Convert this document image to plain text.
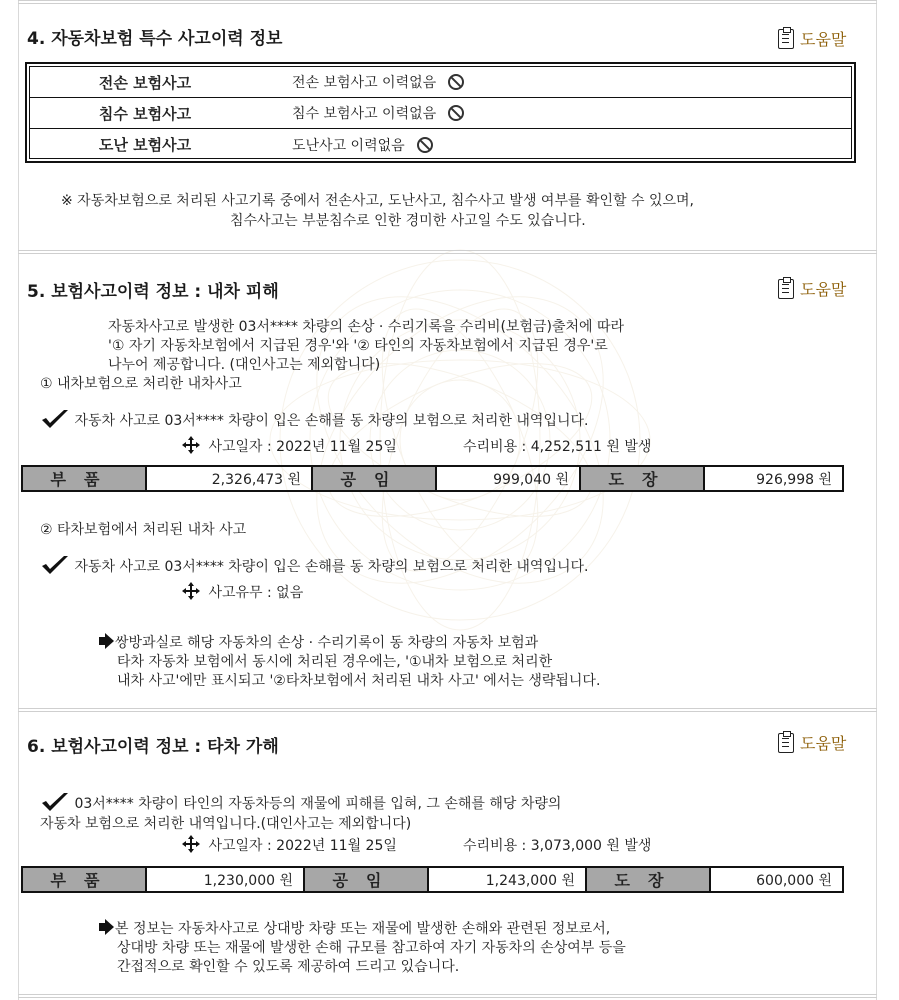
4. 자동차보험 특수 사고이력 정보	도움말
전손 보험사고	전손 보험사고 이력없음
침수 보험사고	침수 보험사고 이력없음
도난 보험사고	도난사고 이력없음
※ 자동차보험으로 처리된 사고기록 중에서 전손사고, 도난사고, 침수사고 발생 여부를 확인할 수 있으며,
침수사고는 부분침수로 인한 경미한 사고일 수도 있습니다.
5. 보험사고이력 정보 : 내차 피해	도움말
자동차사고로 발생한 03서**** 차량의 손상 · 수리기록을 수리비(보험금)출처에 따라
'① 자기 자동차보험에서 지급된 경우'와 '② 타인의 자동차보험에서 지급된 경우'로
나누어 제공합니다. (대인사고는 제외합니다)
① 내차보험으로 처리한 내차사고
자동차 사고로 03서**** 차량이 입은 손해를 동 차량의 보험으로 처리한 내역입니다.
사고일자 : 2022년 11월 25일	수리비용 : 4,252,511 원 발생
부품	2,326,473 원	공임	999,040 원	도장	926,998 원
② 타차보험에서 처리된 내차 사고
자동차 사고로 03서**** 차량이 입은 손해를 동 차량의 보험으로 처리한 내역입니다.
사고유무 : 없음
쌍방과실로 해당 자동차의 손상 · 수리기록이 동 차량의 자동차 보험과
타차 자동차 보험에서 동시에 처리된 경우에는, '①내차 보험으로 처리한
내차 사고'에만 표시되고 '②타차보험에서 처리된 내차 사고' 에서는 생략됩니다.
6. 보험사고이력 정보 : 타차 가해	도움말
03서**** 차량이 타인의 자동차등의 재물에 피해를 입혀, 그 손해를 해당 차량의
자동차 보험으로 처리한 내역입니다.(대인사고는 제외합니다)
사고일자 : 2022년 11월 25일	수리비용 : 3,073,000 원 발생
부품	1,230,000 원	공임	1,243,000 원	도장	600,000 원
본 정보는 자동차사고로 상대방 차량 또는 재물에 발생한 손해와 관련된 정보로서,
상대방 차량 또는 재물에 발생한 손해 규모를 참고하여 자기 자동차의 손상여부 등을
간접적으로 확인할 수 있도록 제공하여 드리고 있습니다.
